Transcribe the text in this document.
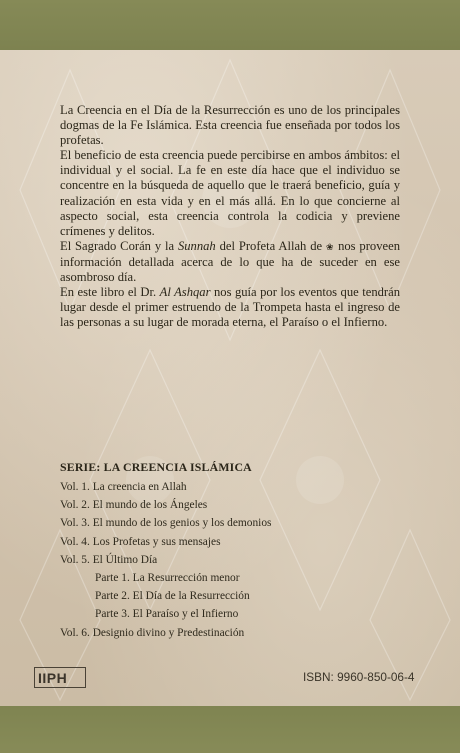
La Creencia en el Día de la Resurrección es uno de los principales dogmas de la Fe Islámica. Esta creencia fue enseñada por todos los profetas.

El beneficio de esta creencia puede percibirse en ambos ámbitos: el individual y el social. La fe en este día hace que el individuo se concentre en la búsqueda de aquello que le traerá beneficio, guía y realización en esta vida y en el más allá. En lo que concierne al aspecto social, esta creencia controla la codicia y previene crímenes y delitos.

El Sagrado Corán y la Sunnah del Profeta Allah de ❀ nos proveen información detallada acerca de lo que ha de suceder en ese asombroso día.

En este libro el Dr. Al Ashqar nos guía por los eventos que tendrán lugar desde el primer estruendo de la Trompeta hasta el ingreso de las personas a su lugar de morada eterna, el Paraíso o el Infierno.

SERIE: LA CREENCIA ISLÁMICA
Vol. 1. La creencia en Allah
Vol. 2. El mundo de los Ángeles
Vol. 3. El mundo de los genios y los demonios
Vol. 4. Los Profetas y sus mensajes
Vol. 5. El Último Día
Parte 1. La Resurrección menor
Parte 2. El Día de la Resurrección
Parte 3. El Paraíso y el Infierno
Vol. 6. Designio divino y Predestinación
IIPH	ISBN: 9960-850-06-4
